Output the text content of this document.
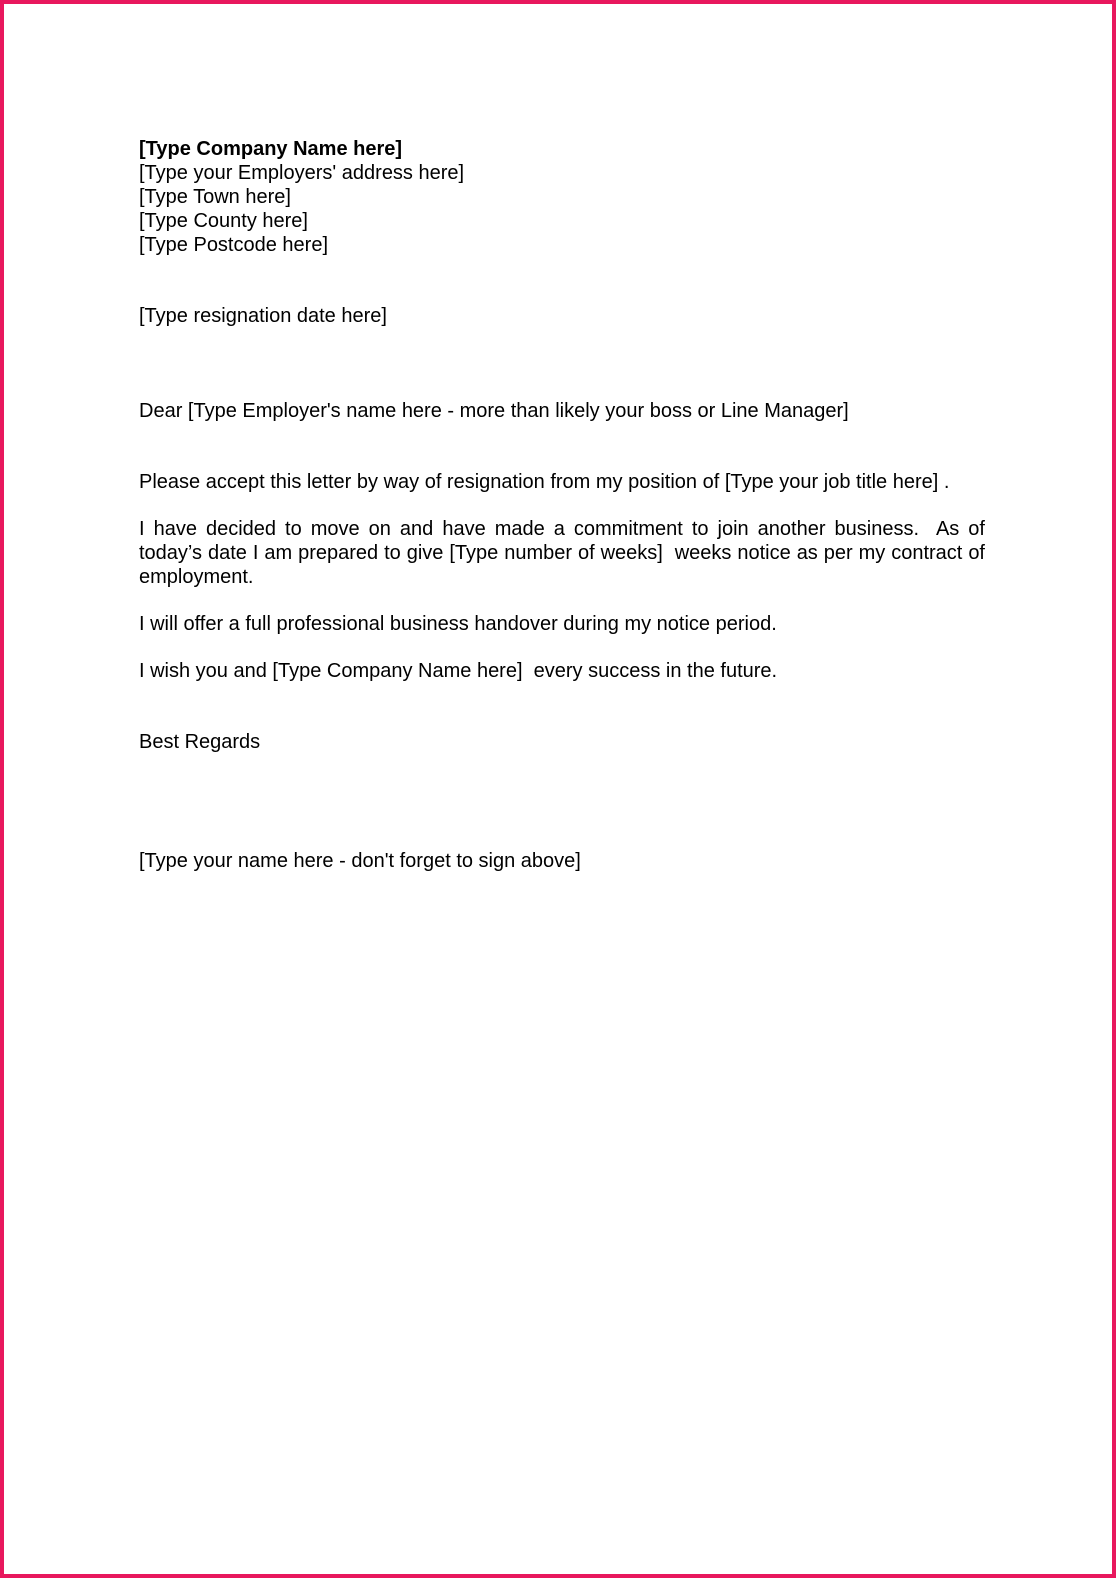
[Type Company Name here]
[Type your Employers' address here]
[Type Town here]
[Type County here]
[Type Postcode here]
[Type resignation date here]
Dear [Type Employer's name here - more than likely your boss or Line Manager]
Please accept this letter by way of resignation from my position of [Type your job title here] .
I have decided to move on and have made a commitment to join another business.  As of today’s date I am prepared to give [Type number of weeks]  weeks notice as per my contract of employment.
I will offer a full professional business handover during my notice period.
I wish you and [Type Company Name here]  every success in the future.
Best Regards
[Type your name here - don't forget to sign above]
